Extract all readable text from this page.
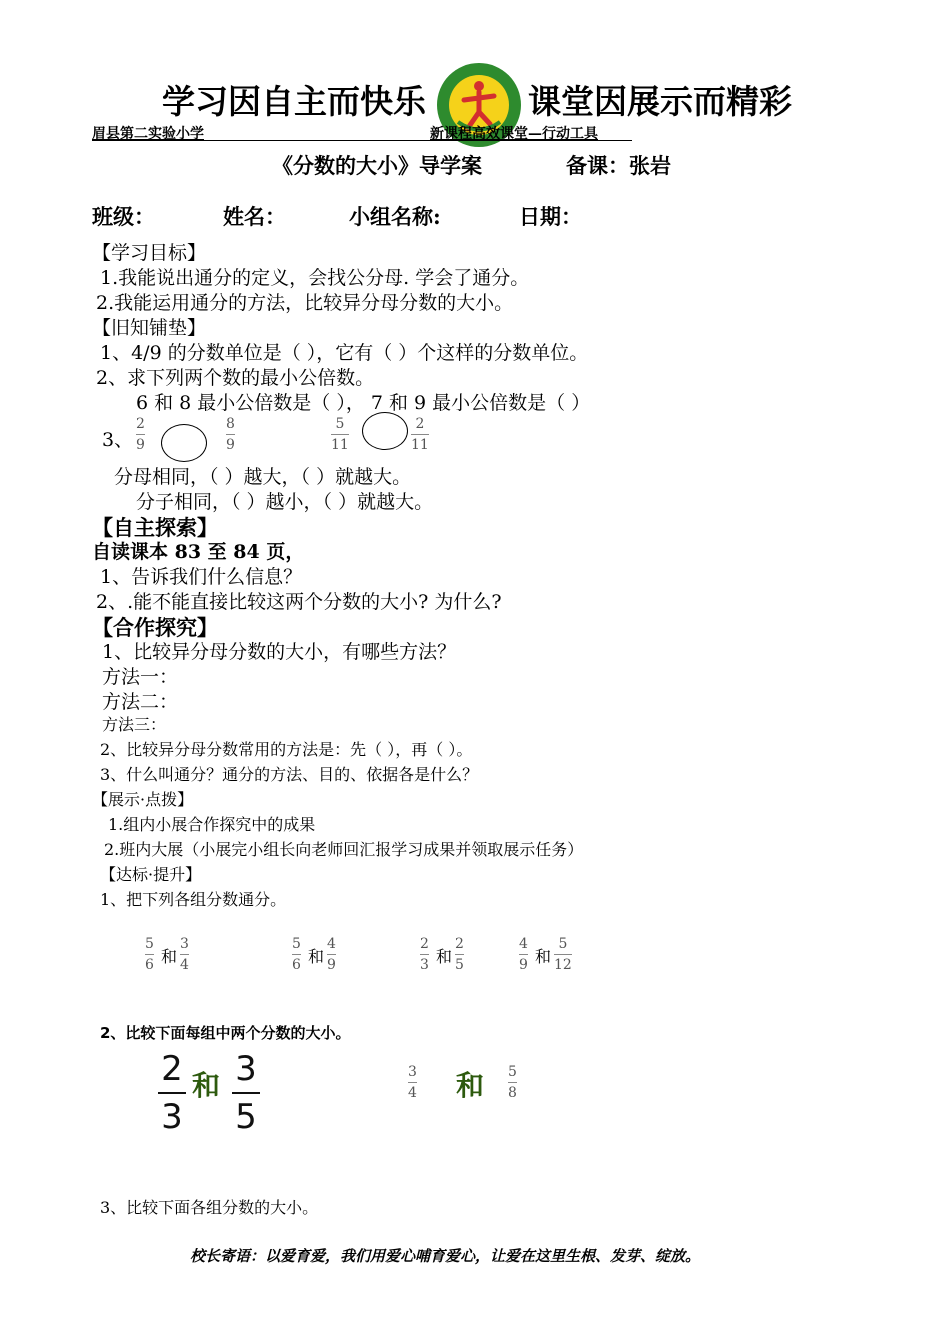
学习因自主而快乐	课堂因展示而精彩
眉县第二实验小学	新课程高效课堂—行动工具
《分数的大小》导学案	备课：张岩
班级：	姓名：	小组名称:	日期：
【学习目标】
1.我能说出通分的定义，会找公分母. 学会了通分。
2.我能运用通分的方法，比较异分母分数的大小。
【旧知铺垫】
1、4/9 的分数单位是（ ），它有（ ）个这样的分数单位。
2、求下列两个数的最小公倍数。
6 和 8 最小公倍数是（ ）， 7 和 9 最小公倍数是（ ）
3、
2
9
8
9
5
11
2
11
分母相同，（ ）越大，（ ）就越大。
分子相同，（ ）越小，（ ）就越大。
【自主探索】
自读课本 83 至 84 页，
1、告诉我们什么信息？
2、.能不能直接比较这两个分数的大小? 为什么?
【合作探究】
1、比较异分母分数的大小，有哪些方法？
方法一：
方法二：
方法三：
2、比较异分母分数常用的方法是：先（ ），再（ ）。
3、什么叫通分？通分的方法、目的、依据各是什么？
【展示·点拨】
1.组内小展合作探究中的成果
2.班内大展（小展完小组长向老师回汇报学习成果并领取展示任务）
【达标·提升】
1、把下列各组分数通分。
5
6 和
3
4
5
6 和
4
9
2
3 和
2
5
4
9 和
5
12
2、比较下面每组中两个分数的大小。
2
3
和 3
5
3
4 和 5
8
3、比较下面各组分数的大小。
校长寄语：以爱育爱，我们用爱心哺育爱心，让爱在这里生根、发芽、绽放。
